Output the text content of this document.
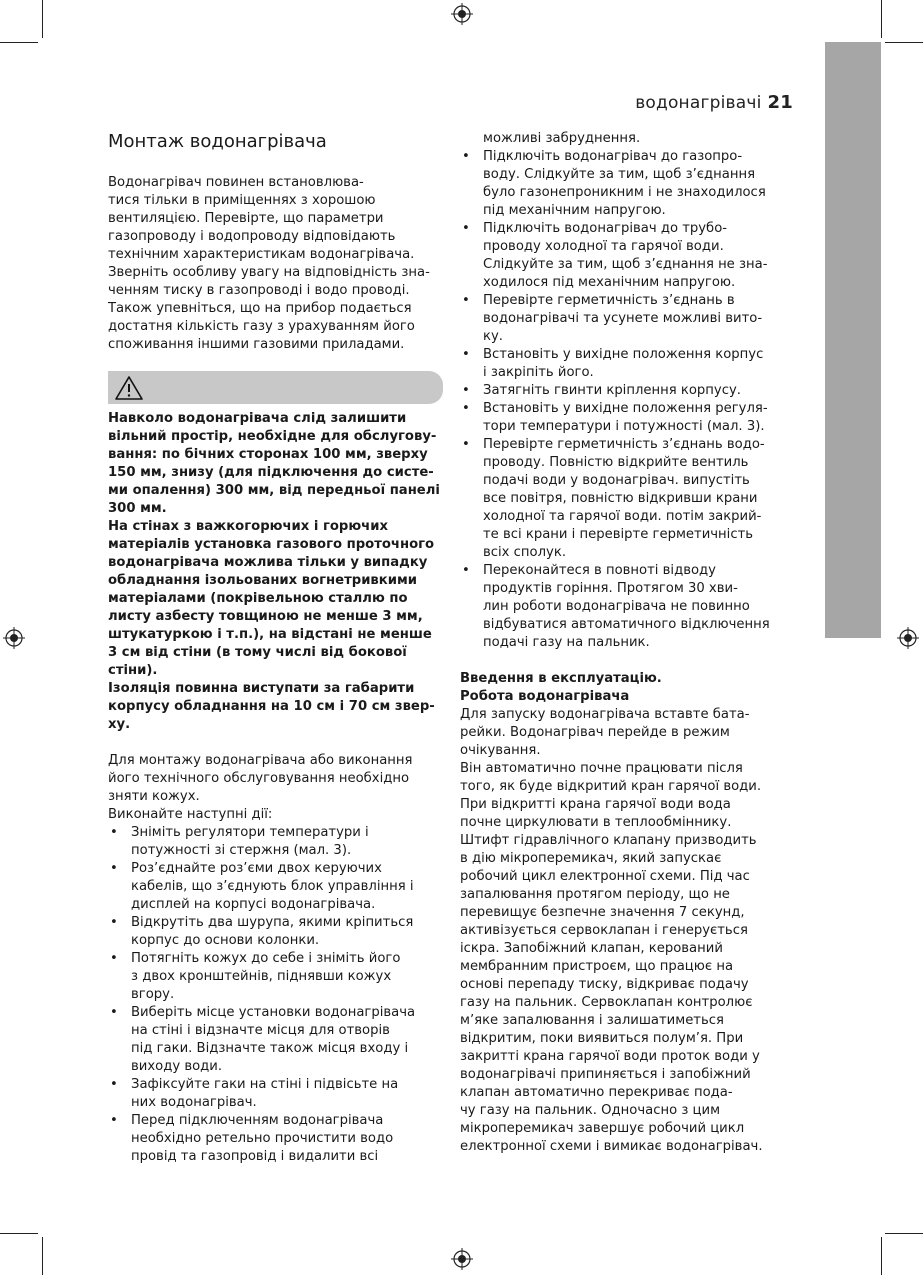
водонагрівачі 21
Монтаж водонагрівача

Водонагрівач повинен встановлюва-

тися тільки в приміщеннях з хорошою

вентиляцією. Перевірте, що параметри

газопроводу і водопроводу відповідають

технічним характеристикам водонагрівача.

Зверніть особливу увагу на відповідність зна-

ченням тиску в газопроводі і водо проводі.

Також упевніться, що на прибор подається

достатня кількість газу з урахуванням його

споживання іншими газовими приладами.

Навколо водонагрівача слід залишити

вільний простір, необхідне для обслугову-

вання: по бічних сторонах 100 мм, зверху

150 мм, знизу (для підключення до систе-

ми опалення) 300 мм, від передньої панелі

300 мм.

На стінах з важкогорючих і горючих

матеріалів установка газового проточного

водонагрівача можлива тільки у випадку

обладнання ізольованих вогнетривкими

матеріалами (покрівельною сталлю по

листу азбесту товщиною не менше 3 мм,

штукатуркою і т.п.), на відстані не менше

3 см від стіни (в тому числі від бокової

стіни).

Ізоляція повинна виступати за габарити

корпусу обладнання на 10 см і 70 см звер-

ху.

Для монтажу водонагрівача або виконання

його технічного обслуговування необхідно

зняти кожух.

Виконайте наступні дії:

• Зніміть регулятори температури і

потужності зі стержня (мал. 3).

• Роз’єднайте роз’єми двох керуючих

кабелів, що з’єднують блок управління і

дисплей на корпусі водонагрівача.

• Відкрутіть два шурупа, якими кріпиться

корпус до основи колонки.

• Потягніть кожух до себе і зніміть його

з двох кронштейнів, піднявши кожух

вгору.

• Виберіть місце установки водонагрівача

на стіні і відзначте місця для отворів

під гаки. Відзначте також місця входу і

виходу води.

• Зафіксуйте гаки на стіні і підвісьте на

них водонагрівач.

• Перед підключенням водонагрівача

необхідно ретельно прочистити водо

провід та газопровід і видалити всі

можливі забруднення.

• Підключіть водонагрівач до газопро-

воду. Слідкуйте за тим, щоб з’єднання

було газонепроникним і не знаходилося

під механічним напругою.

• Підключіть водонагрівач до трубо-

проводу холодної та гарячої води.

Слідкуйте за тим, щоб з’єднання не зна-

ходилося під механічним напругою.

• Перевірте герметичність з’єднань в

водонагрівачі та усунете можливі вито-

ку.

• Встановіть у вихідне положення корпус

і закріпіть його.

• Затягніть гвинти кріплення корпусу.

• Встановіть у вихідне положення регуля-

тори температури і потужності (мал. 3).

• Перевірте герметичність з’єднань водо-

проводу. Повністю відкрийте вентиль

подачі води у водонагрівач. випустіть

все повітря, повністю відкривши крани

холодної та гарячої води. потім закрий-

те всі крани і перевірте герметичність

всіх сполук.

• Переконайтеся в повноті відводу

продуктів горіння. Протягом 30 хви-

лин роботи водонагрівача не повинно

відбуватися автоматичного відключення

подачі газу на пальник.

Введення в експлуатацію.

Робота водонагрівача

Для запуску водонагрівача вставте бата-

рейки. Водонагрівач перейде в режим

очікування.

Він автоматично почне працювати після

того, як буде відкритий кран гарячої води.

При відкритті крана гарячої води вода

почне циркулювати в теплообміннику.

Штифт гідравлічного клапану призводить

в дію мікроперемикач, який запускає

робочий цикл електронної схеми. Під час

запалювання протягом періоду, що не

перевищує безпечне значення 7 секунд,

активізується сервоклапан і генерується

іскра. Запобіжний клапан, керований

мембранним пристроєм, що працює на

основі перепаду тиску, відкриває подачу

газу на пальник. Сервоклапан контролює

м’яке запалювання і залишатиметься

відкритим, поки виявиться полум’я. При

закритті крана гарячої води проток води у

водонагрівачі припиняється і запобіжний

клапан автоматично перекриває пода-

чу газу на пальник. Одночасно з цим

мікроперемикач завершує робочий цикл

електронної схеми і вимикає водонагрівач.
